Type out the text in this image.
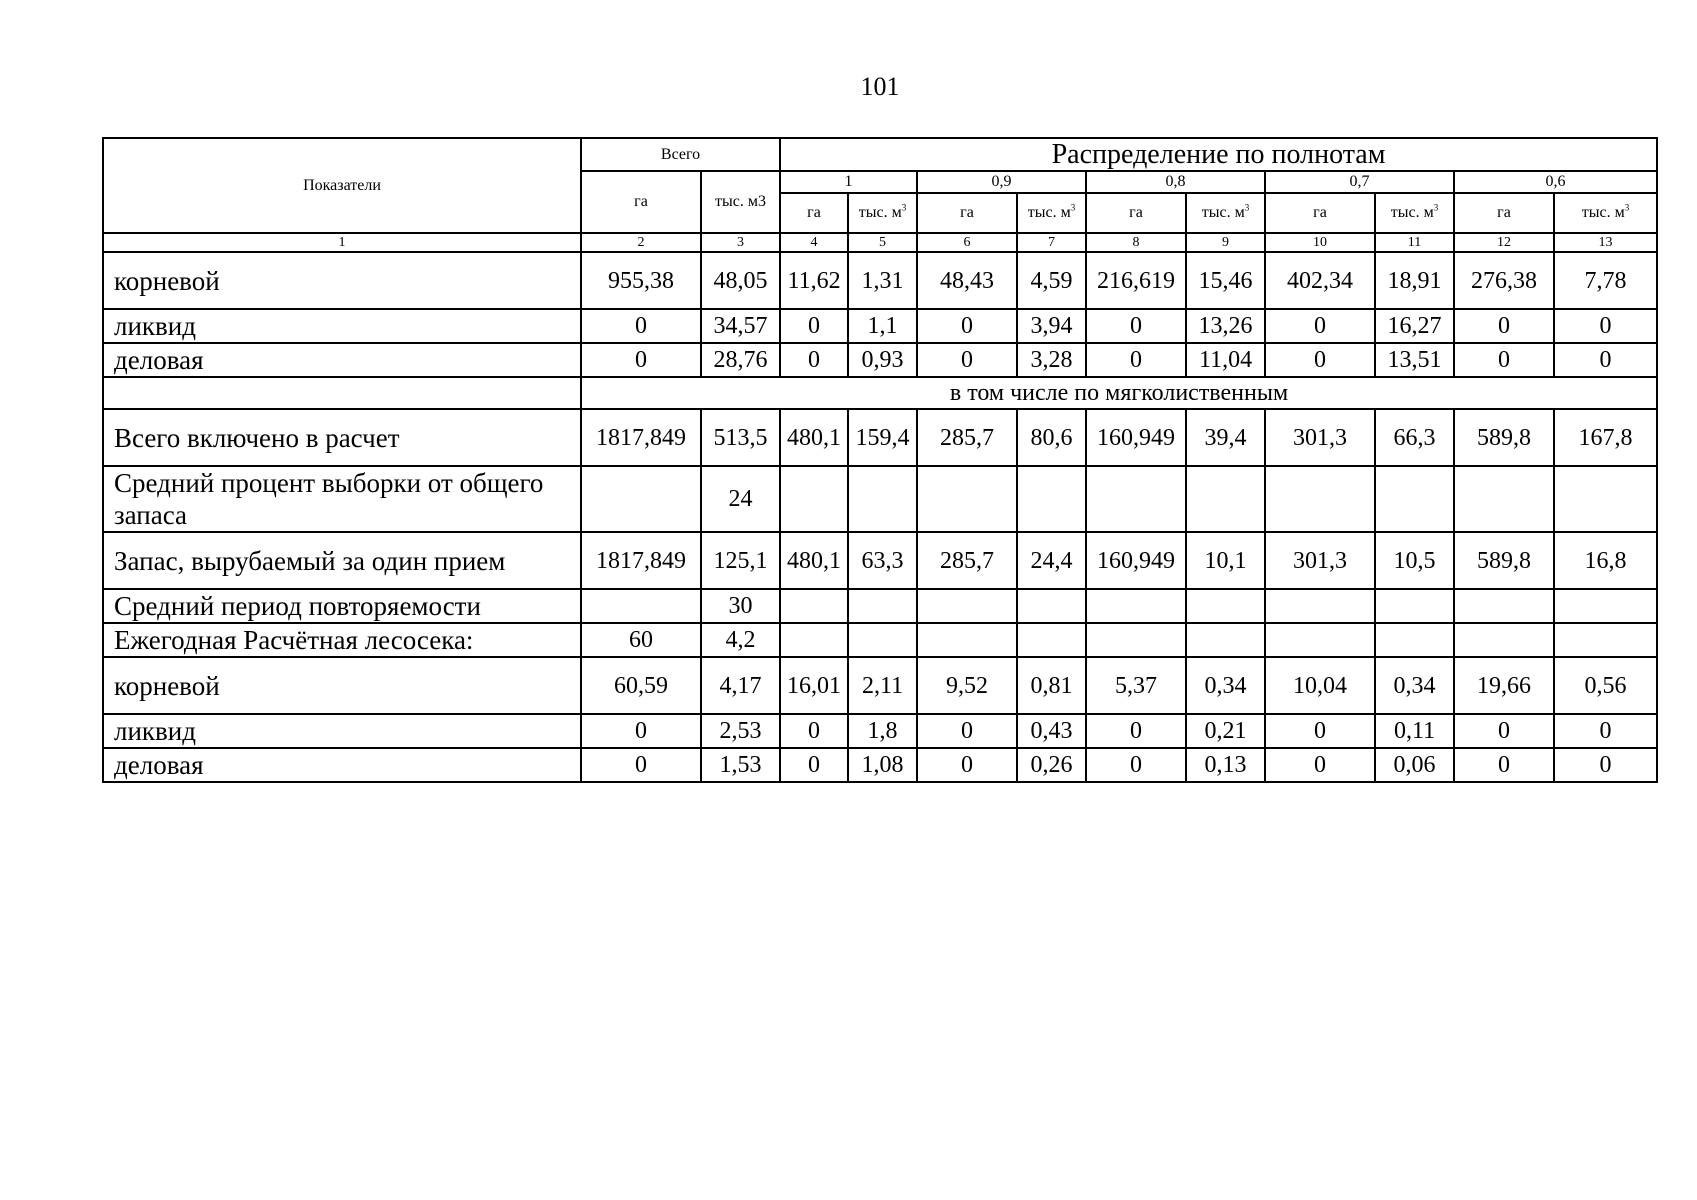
101
Показатели	Всего		Распределение по полнотам									
	га	тыс. м3	1		0,9		0,8		0,7		0,6	
			га	тыс. $м^3$	га	тыс. $м^3$	га	тыс. $м^3$	га	тыс. $м^3$	га	тыс. $м^3$
1	2	3	4	5	6	7	8	9	10	11	12	13
корневой	955,38	48,05	11,62	1,31	48,43	4,59	216,619	15,46	402,34	18,91	276,38	7,78
ликвид	0	34,57	0	1,1	0	3,94	0	13,26	0	16,27	0	0
деловая	0	28,76	0	0,93	0	3,28	0	11,04	0	13,51	0	0
	в том числе по мягколиственным											
Всего включено в расчет	1817,849	513,5	480,1	159,4	285,7	80,6	160,949	39,4	301,3	66,3	589,8	167,8
Средний процент выборки от общего запаса		24										
Запас, вырубаемый за один прием	1817,849	125,1	480,1	63,3	285,7	24,4	160,949	10,1	301,3	10,5	589,8	16,8
Средний период повторяемости		30										
Ежегодная Расчётная лесосека:	60	4,2										
корневой	60,59	4,17	16,01	2,11	9,52	0,81	5,37	0,34	10,04	0,34	19,66	0,56
ликвид	0	2,53	0	1,8	0	0,43	0	0,21	0	0,11	0	0
деловая	0	1,53	0	1,08	0	0,26	0	0,13	0	0,06	0	0
